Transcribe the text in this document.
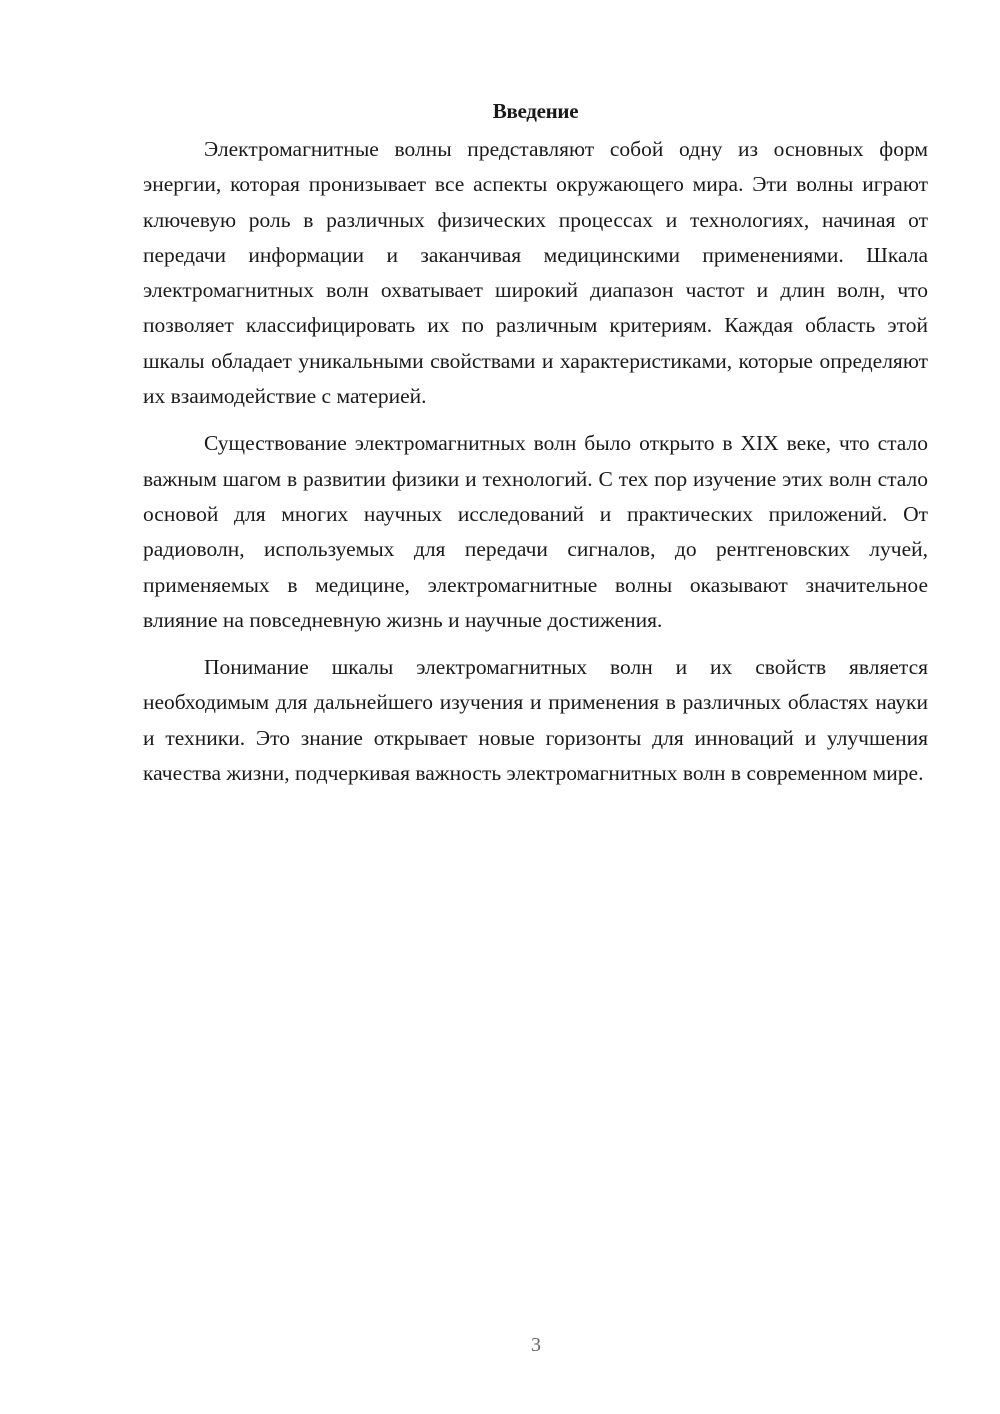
Введение

Электромагнитные волны представляют собой одну из основных форм энергии, которая пронизывает все аспекты окружающего мира. Эти волны играют ключевую роль в различных физических процессах и технологиях, начиная от передачи информации и заканчивая медицинскими применениями. Шкала электромагнитных волн охватывает широкий диапазон частот и длин волн, что позволяет классифицировать их по различным критериям. Каждая область этой шкалы обладает уникальными свойствами и характеристиками, которые определяют их взаимодействие с материей.

Существование электромагнитных волн было открыто в XIX веке, что стало важным шагом в развитии физики и технологий. С тех пор изучение этих волн стало основой для многих научных исследований и практических приложений. От радиоволн, используемых для передачи сигналов, до рентгеновских лучей, применяемых в медицине, электромагнитные волны оказывают значительное влияние на повседневную жизнь и научные достижения.

Понимание шкалы электромагнитных волн и их свойств является необходимым для дальнейшего изучения и применения в различных областях науки и техники. Это знание открывает новые горизонты для инноваций и улучшения качества жизни, подчеркивая важность электромагнитных волн в современном мире.

3
